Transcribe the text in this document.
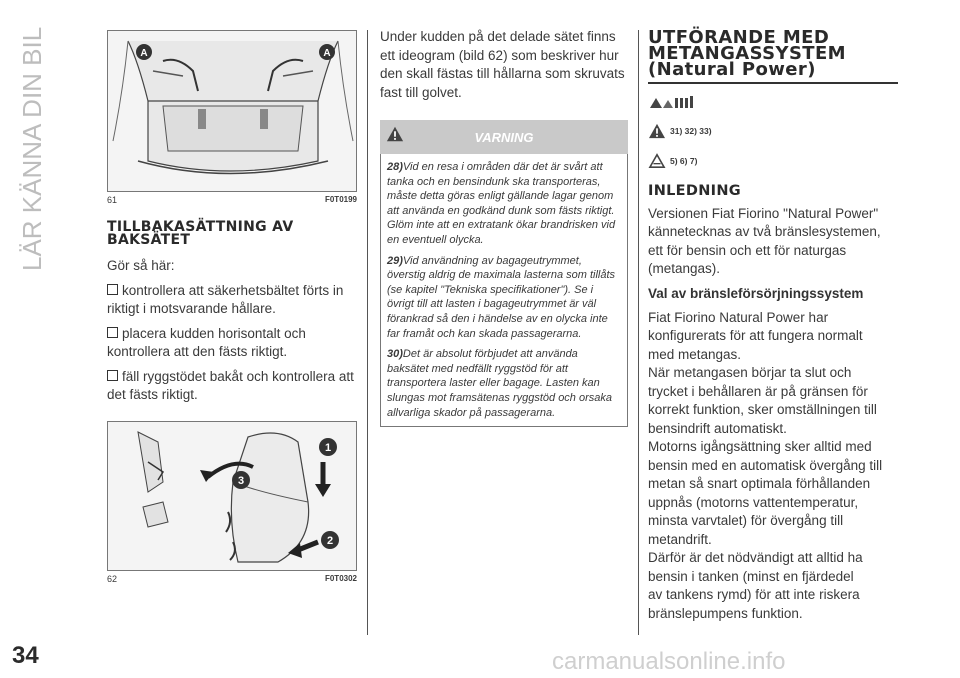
LÄR KÄNNA DIN BIL	A	A
61	F0T0199
TILLBAKASÄTTNING AV
BAKSÄTET

Gör så här:

kontrollera att säkerhetsbältet förts in riktigt i motsvarande hållare.

placera kudden horisontalt och kontrollera att den fästs riktigt.

fäll ryggstödet bakåt och kontrollera att det fästs riktigt.

1
2
3
62	F0T0302

Under kudden på det delade sätet finns ett ideogram (bild 62) som beskriver hur den skall fästas till hållarna som skruvats fast till golvet.

VARNING

28)Vid en resa i områden där det är svårt att tanka och en bensindunk ska transporteras, måste detta göras enligt gällande lagar genom att använda en godkänd dunk som fästs riktigt. Glöm inte att en extratank ökar brandrisken vid en eventuell olycka.

29)Vid användning av bagageutrymmet, överstig aldrig de maximala lasterna som tillåts (se kapitel "Tekniska specifikationer"). Se i övrigt till att lasten i bagageutrymmet är väl förankrad så den i händelse av en olycka inte far framåt och kan skada passagerarna.

30)Det är absolut förbjudet att använda baksätet med nedfällt ryggstöd för att transportera laster eller bagage. Lasten kan slungas mot framsätenas ryggstöd och orsaka allvarliga skador på passagerarna.

UTFÖRANDE MED
METANGASSYSTEM
(Natural Power)
31) 32) 33)
5) 6) 7)
INLEDNING

Versionen Fiat Fiorino "Natural Power" kännetecknas av två bränslesystemen, ett för bensin och ett för naturgas (metangas).

Val av bränsleförsörjningssystem

Fiat Fiorino Natural Power har

konfigurerats för att fungera normalt

med metangas.

När metangasen börjar ta slut och

trycket i behållaren är på gränsen för

korrekt funktion, sker omställningen till

bensindrift automatiskt.

Motorns igångsättning sker alltid med

bensin med en automatisk övergång till

metan så snart optimala förhållanden

uppnås (motorns vattentemperatur,

minsta varvtalet) för övergång till

metandrift.

Därför är det nödvändigt att alltid ha

bensin i tanken (minst en fjärdedel

av tankens rymd) för att inte riskera

bränslepumpens funktion.

34	carmanualsonline.info
